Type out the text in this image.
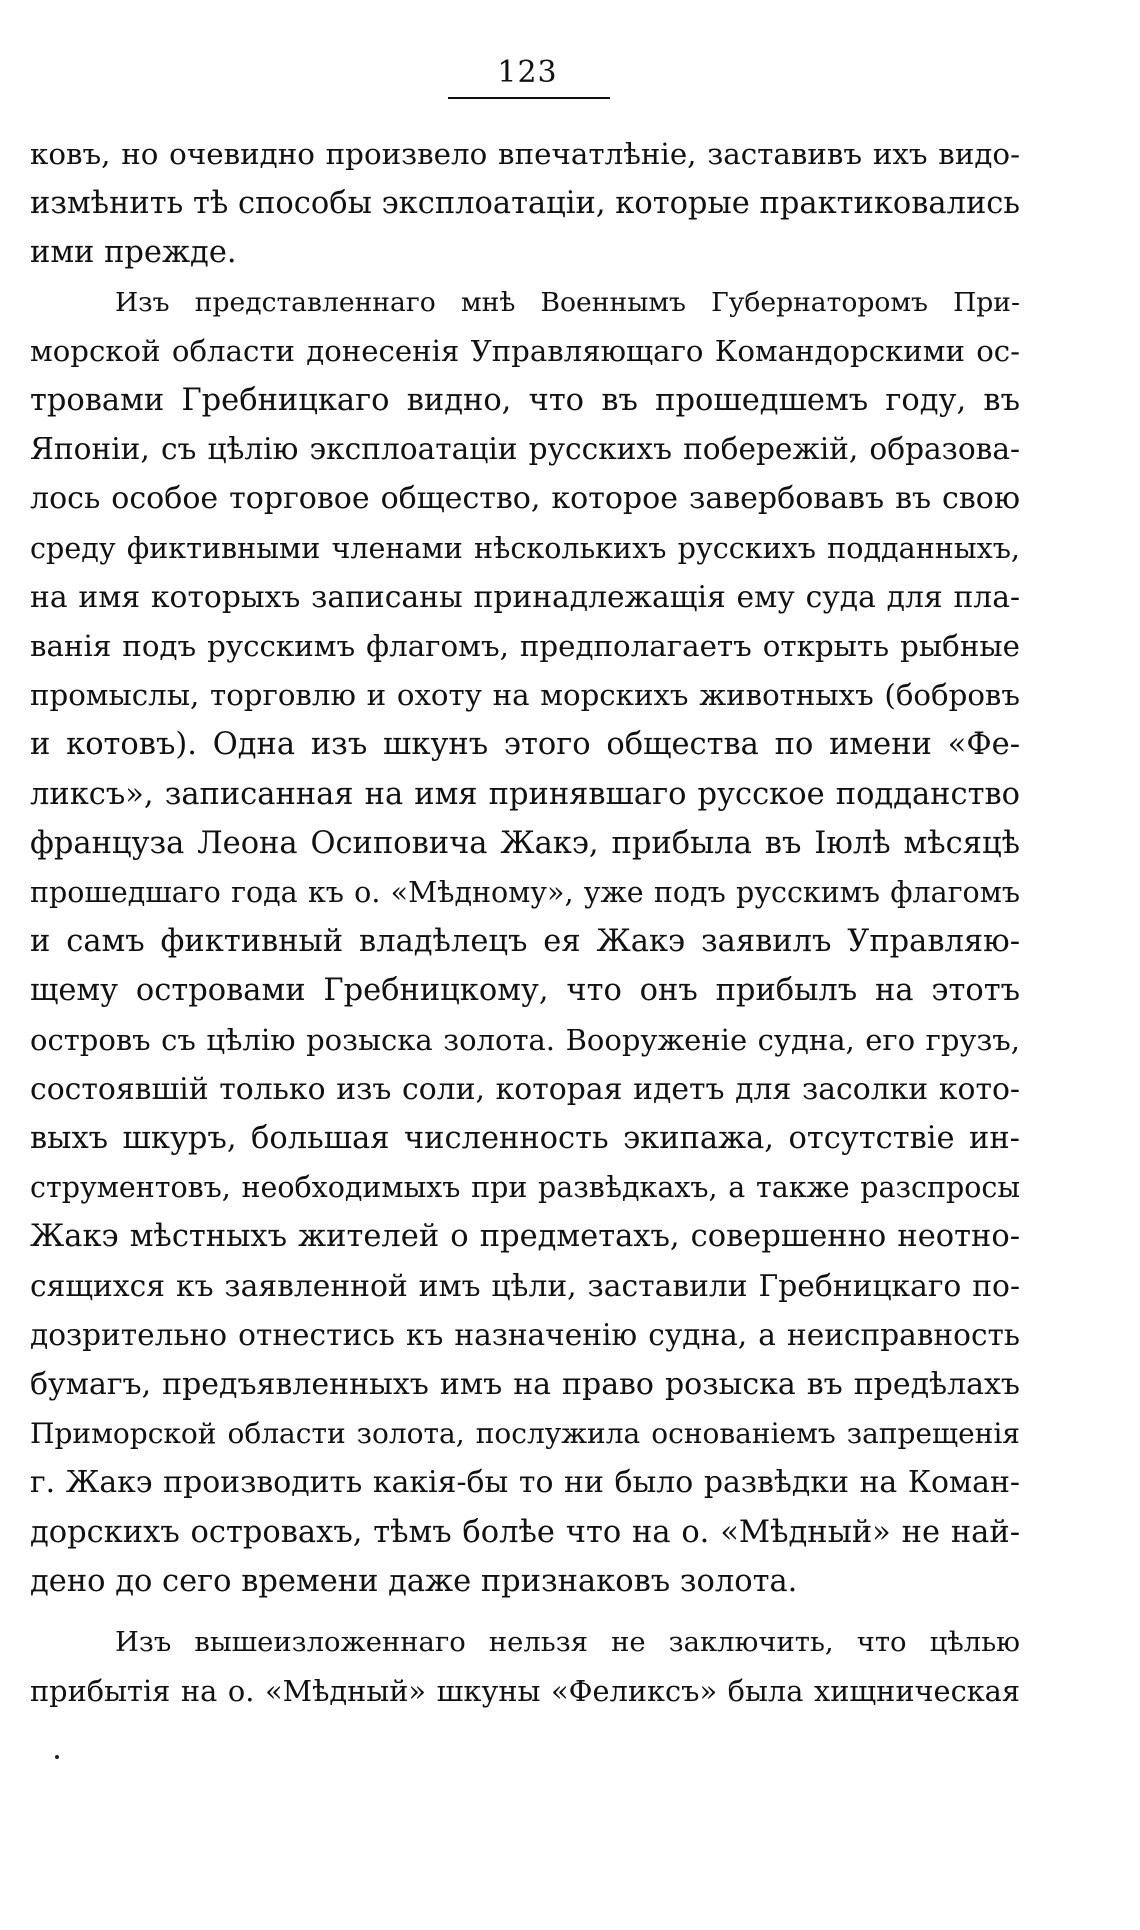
123
ковъ, но очевидно произвело впечатлѣніе, заставивъ ихъ видо-
измѣнить тѣ способы эксплоатаціи, которые практиковались
ими прежде.
Изъ представленнаго мнѣ Военнымъ Губернаторомъ При-
морской области донесенія Управляющаго Командорскими ос-
тровами Гребницкаго видно, что въ прошедшемъ году, въ
Японіи, съ цѣлію эксплоатаціи русскихъ побережій, образова-
лось особое торговое общество, которое завербовавъ въ свою
среду фиктивными членами нѣсколькихъ русскихъ подданныхъ,
на имя которыхъ записаны принадлежащія ему суда для пла-
ванія подъ русскимъ флагомъ, предполагаетъ открыть рыбные
промыслы, торговлю и охоту на морскихъ животныхъ (бобровъ
и котовъ). Одна изъ шкунъ этого общества по имени «Фе-
ликсъ», записанная на имя принявшаго русское подданство
француза Леона Осиповича Жакэ, прибыла въ Іюлѣ мѣсяцѣ
прошедшаго года къ о. «Мѣдному», уже подъ русскимъ флагомъ
и самъ фиктивный владѣлецъ ея Жакэ заявилъ Управляю-
щему островами Гребницкому, что онъ прибылъ на этотъ
островъ съ цѣлію розыска золота. Вооруженіе судна, его грузъ,
состоявшій только изъ соли, которая идетъ для засолки кото-
выхъ шкуръ, большая численность экипажа, отсутствіе ин-
струментовъ, необходимыхъ при развѣдкахъ, а также разспросы
Жакэ мѣстныхъ жителей о предметахъ, совершенно неотно-
сящихся къ заявленной имъ цѣли, заставили Гребницкаго по-
дозрительно отнестись къ назначенію судна, а неисправность
бумагъ, предъявленныхъ имъ на право розыска въ предѣлахъ
Приморской области золота, послужила основаніемъ запрещенія
г. Жакэ производить какія-бы то ни было развѣдки на Коман-
дорскихъ островахъ, тѣмъ болѣе что на о. «Мѣдный» не най-
дено до сего времени даже признаковъ золота.
Изъ вышеизложеннаго нельзя не заключить, что цѣлью
прибытія на о. «Мѣдный» шкуны «Феликсъ» была хищническая
